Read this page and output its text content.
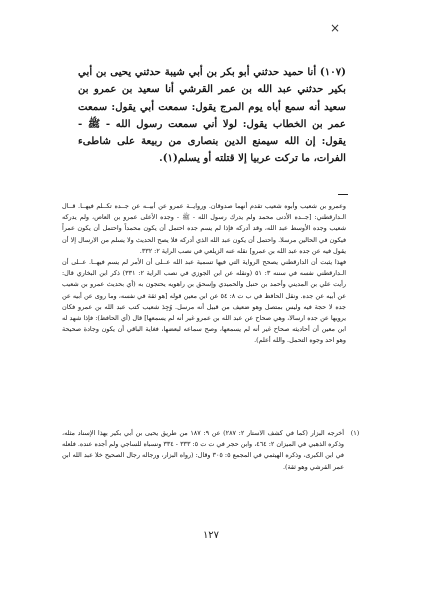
×

(١٠٧) أنا حميد حدثني أبو بكر بن أبي شيبة حدثني يحيى بن أبي بكير حدثني عبد الله بن عمر القرشي أنا سعيد بن عمرو بن سعيد أنه سمع أباه يوم المرج يقول: سمعت أبي يقول: سمعت عمر بن الخطاب يقول: لولا أني سمعت رسول الله - ﷺ - يقول: إن الله سيمنع الدين بنصارى من ربيعة على شاطىء الفرات، ما تركت عربيا إلا قتلته أو يسلم(١).

وعمرو بن شعيب وأبوه شعيب تقدم أنهما صدوقان. وروايــة عمرو عن أبيــه عن جــده تكــلم فيهــا. قــال الـدارقطني: [جــده الأدنى محمد ولم يدرك رسول الله - ﷺ - وجده الأعلى عمرو بن العاص، ولم يدركه شعيب وجده الأوسط عبد الله، وقد أدركه فإذا لم يسم جده احتمل أن يكون محمداً واحتمل أن يكون عمراً فيكون في الحالين مرسلا. واحتمل أن يكون عبد الله الذي أدركه فلا يصح الحديث ولا يسلم من الارسال إلا أن يقول فيه عن جده عبد الله بن عمرو] نقله عنه الزيلعي في نصب الراية ٢: ٣٣٢.

فهذا يثبت أن الدارقطني يصحح الرواية التي فيها تسمية عبد الله عــلى أن الأمر لم يسم فيهــا. عــلى أن الـدارقطني نفسه في سننه ٣: ٥١ (ونقله عن ابن الجوزي في نصب الراية ٢: ٣٣١) ذكر ابن البخاري قال: رأيت علي بن المديني وأحمد بن حنبل والحميدي وإسحق بن راهويه يحتجون به (أي بحديث عمرو بن شعيب عن أبيه عن جده. ونقل الحافظ في ب ت ٨: ٥٤ عن ابن معين قوله [هو ثقة في نفسه، وما روى عن أبيه عن جده لا حجة فيه وليس بمتصل وهو ضعيف من قبيل أنه مرسل. وُجِدَ شعيب كتب عبد الله بن عمرو فكان يرويها عن جده ارسالا، وهي صحاح عن عبد الله بن عمرو غير أنه لم يسمعها] قال (أي الحافظ): فإذا شهد له ابن معين أن أحاديثه صحاح غير أنه لم يسمعها، وصح سماعه لبعضها، فغاية الباقي أن يكون وجادة صحيحة وهو احد وجوه التحمل. والله أعلم).

(١)
أخرجه البزار (كما في كشف الاستار ٢: ٢٨٧) عن ٩: ١٨٧ من طريق يحيى بن أبي بكير بهذا الإسناد مثله، وذكره الذهبي في الميزان ٢: ٤٦٤، وابن حجر في ت ت ٥: ٣٣٣ - ٣٣٤ ونسباه للساجي ولم أجده عنده. فلعله في ابن الكبرى، وذكره الهيثمي في المجمع ٥: ٣٠٥ وقال: (رواه البزار، ورجاله رجال الصحيح خلا عبد الله ابن عمر القرشي وهو ثقة).
١٢٧
